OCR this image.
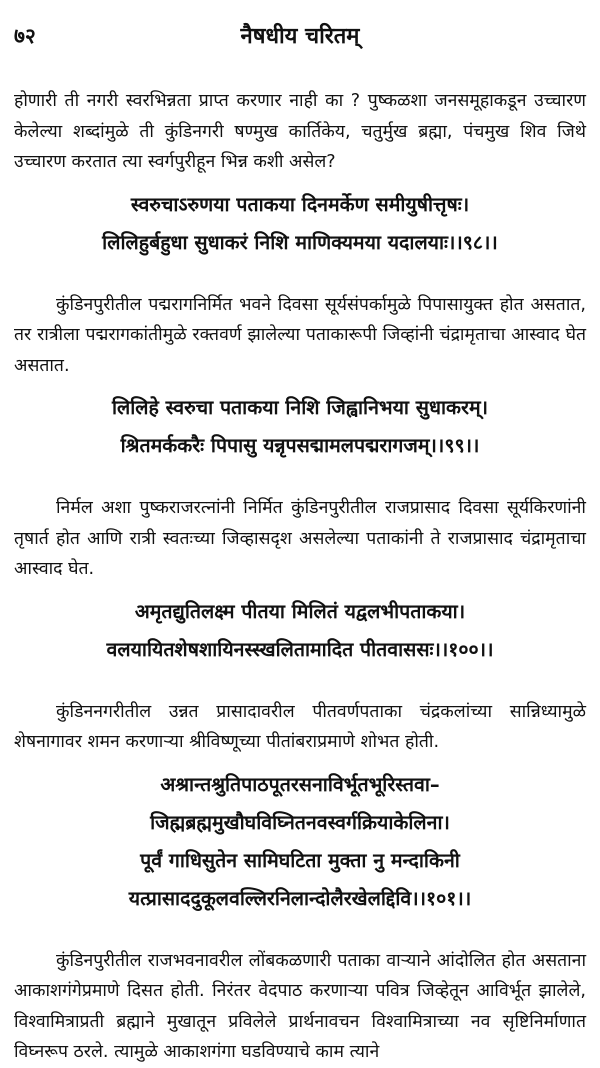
७२	नैषधीय चरितम्

होणारी ती नगरी स्वरभिन्नता प्राप्त करणार नाही का ? पुष्कळशा जनसमूहाकडून उच्चारण केलेल्या शब्दांमुळे ती कुंडिनगरी षण्मुख कार्तिकेय, चतुर्मुख ब्रह्मा, पंचमुख शिव जिथे उच्चारण करतात त्या स्वर्गपुरीहून भिन्न कशी असेल?

स्वरुचाऽरुणया पताकया दिनमर्केण समीयुषीत्तृषः।
लिलिहुर्बहुधा सुधाकरं निशि माणिक्यमया यदालयाः।।९८।।

कुंडिनपुरीतील पद्मरागनिर्मित भवने दिवसा सूर्यसंपर्कामुळे पिपासायुक्त होत असतात, तर रात्रीला पद्मरागकांतीमुळे रक्तवर्ण झालेल्या पताकारूपी जिव्हांनी चंद्रामृताचा आस्वाद घेत असतात.

लिलिहे स्वरुचा पताकया निशि जिह्वानिभया सुधाकरम्।
श्रितमर्ककरैः पिपासु यन्नृपसद्मामलपद्मरागजम्।।९९।।

निर्मल अशा पुष्कराजरत्नांनी निर्मित कुंडिनपुरीतील राजप्रासाद दिवसा सूर्यकिरणांनी तृषार्त होत आणि रात्री स्वतःच्या जिव्हासदृश असलेल्या पताकांनी ते राजप्रासाद चंद्रामृताचा आस्वाद घेत.

अमृतद्युतिलक्ष्म पीतया मिलितं यद्वलभीपताकया।
वलयायितशेषशायिनस्स्खलितामादित पीतवाससः।।१००।।

कुंडिननगरीतील उन्नत प्रासादावरील पीतवर्णपताका चंद्रकलांच्या सान्निध्यामुळे शेषनागावर शमन करणाऱ्या श्रीविष्णूच्या पीतांबराप्रमाणे शोभत होती.

अश्रान्तश्रुतिपाठपूतरसनाविर्भूतभूरिस्तवा–
जिह्मब्रह्ममुखौघविघ्नितनवस्वर्गक्रियाकेलिना।
पूर्वं गाधिसुतेन सामिघटिता मुक्ता नु मन्दाकिनी
यत्प्रासाददुकूलवल्लिरनिलान्दोलैरखेलद्दिवि।।१०१।।

कुंडिनपुरीतील राजभवनावरील लोंबकळणारी पताका वाऱ्याने आंदोलित होत असताना आकाशगंगेप्रमाणे दिसत होती. निरंतर वेदपाठ करणाऱ्या पवित्र जिव्हेतून आविर्भूत झालेले, विश्वामित्राप्रती ब्रह्माने मुखातून प्रविलेले प्रार्थनावचन विश्वामित्राच्या नव सृष्टिनिर्माणात विघ्नरूप ठरले. त्यामुळे आकाशगंगा घडविण्याचे काम त्याने
